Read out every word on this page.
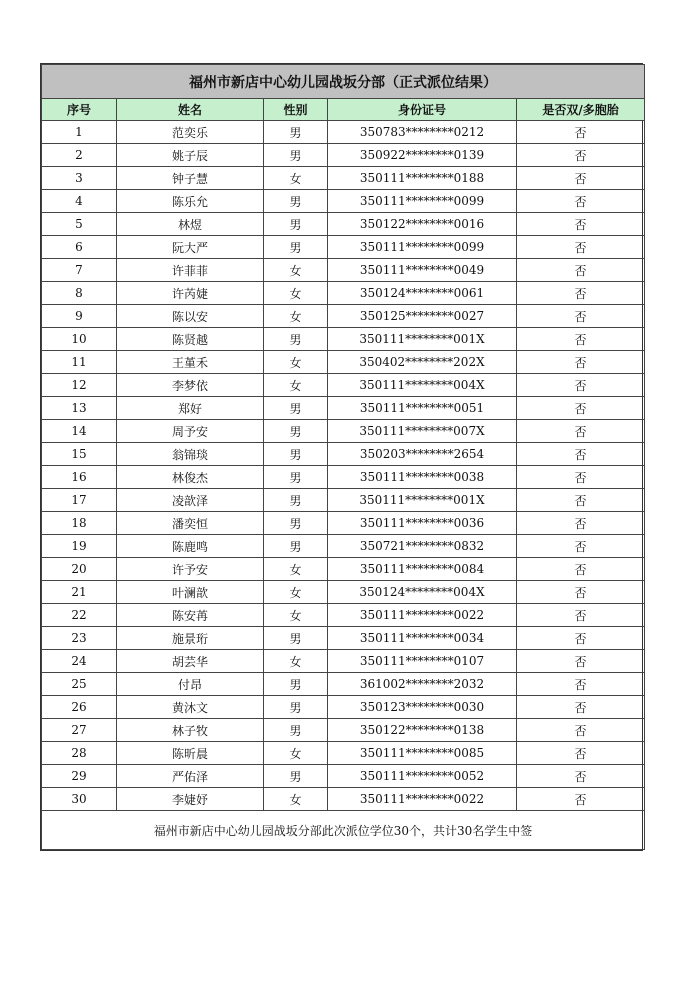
福州市新店中心幼儿园战坂分部（正式派位结果）				
序号	姓名	性别	身份证号	是否双/多胞胎
1	范奕乐	男	350783********0212	否
2	姚子辰	男	350922********0139	否
3	钟子慧	女	350111********0188	否
4	陈乐允	男	350111********0099	否
5	林煜	男	350122********0016	否
6	阮大严	男	350111********0099	否
7	许菲菲	女	350111********0049	否
8	许芮婕	女	350124********0061	否
9	陈以安	女	350125********0027	否
10	陈贤越	男	350111********001X	否
11	王堇禾	女	350402********202X	否
12	李梦依	女	350111********004X	否
13	郑好	男	350111********0051	否
14	周予安	男	350111********007X	否
15	翁锦琰	男	350203********2654	否
16	林俊杰	男	350111********0038	否
17	凌歆泽	男	350111********001X	否
18	潘奕恒	男	350111********0036	否
19	陈鹿鸣	男	350721********0832	否
20	许予安	女	350111********0084	否
21	叶澜歆	女	350124********004X	否
22	陈安苒	女	350111********0022	否
23	施景珩	男	350111********0034	否
24	胡芸华	女	350111********0107	否
25	付昂	男	361002********2032	否
26	黄沐文	男	350123********0030	否
27	林子牧	男	350122********0138	否
28	陈昕晨	女	350111********0085	否
29	严佑泽	男	350111********0052	否
30	李婕妤	女	350111********0022	否
福州市新店中心幼儿园战坂分部此次派位学位30个，共计30名学生中签				
